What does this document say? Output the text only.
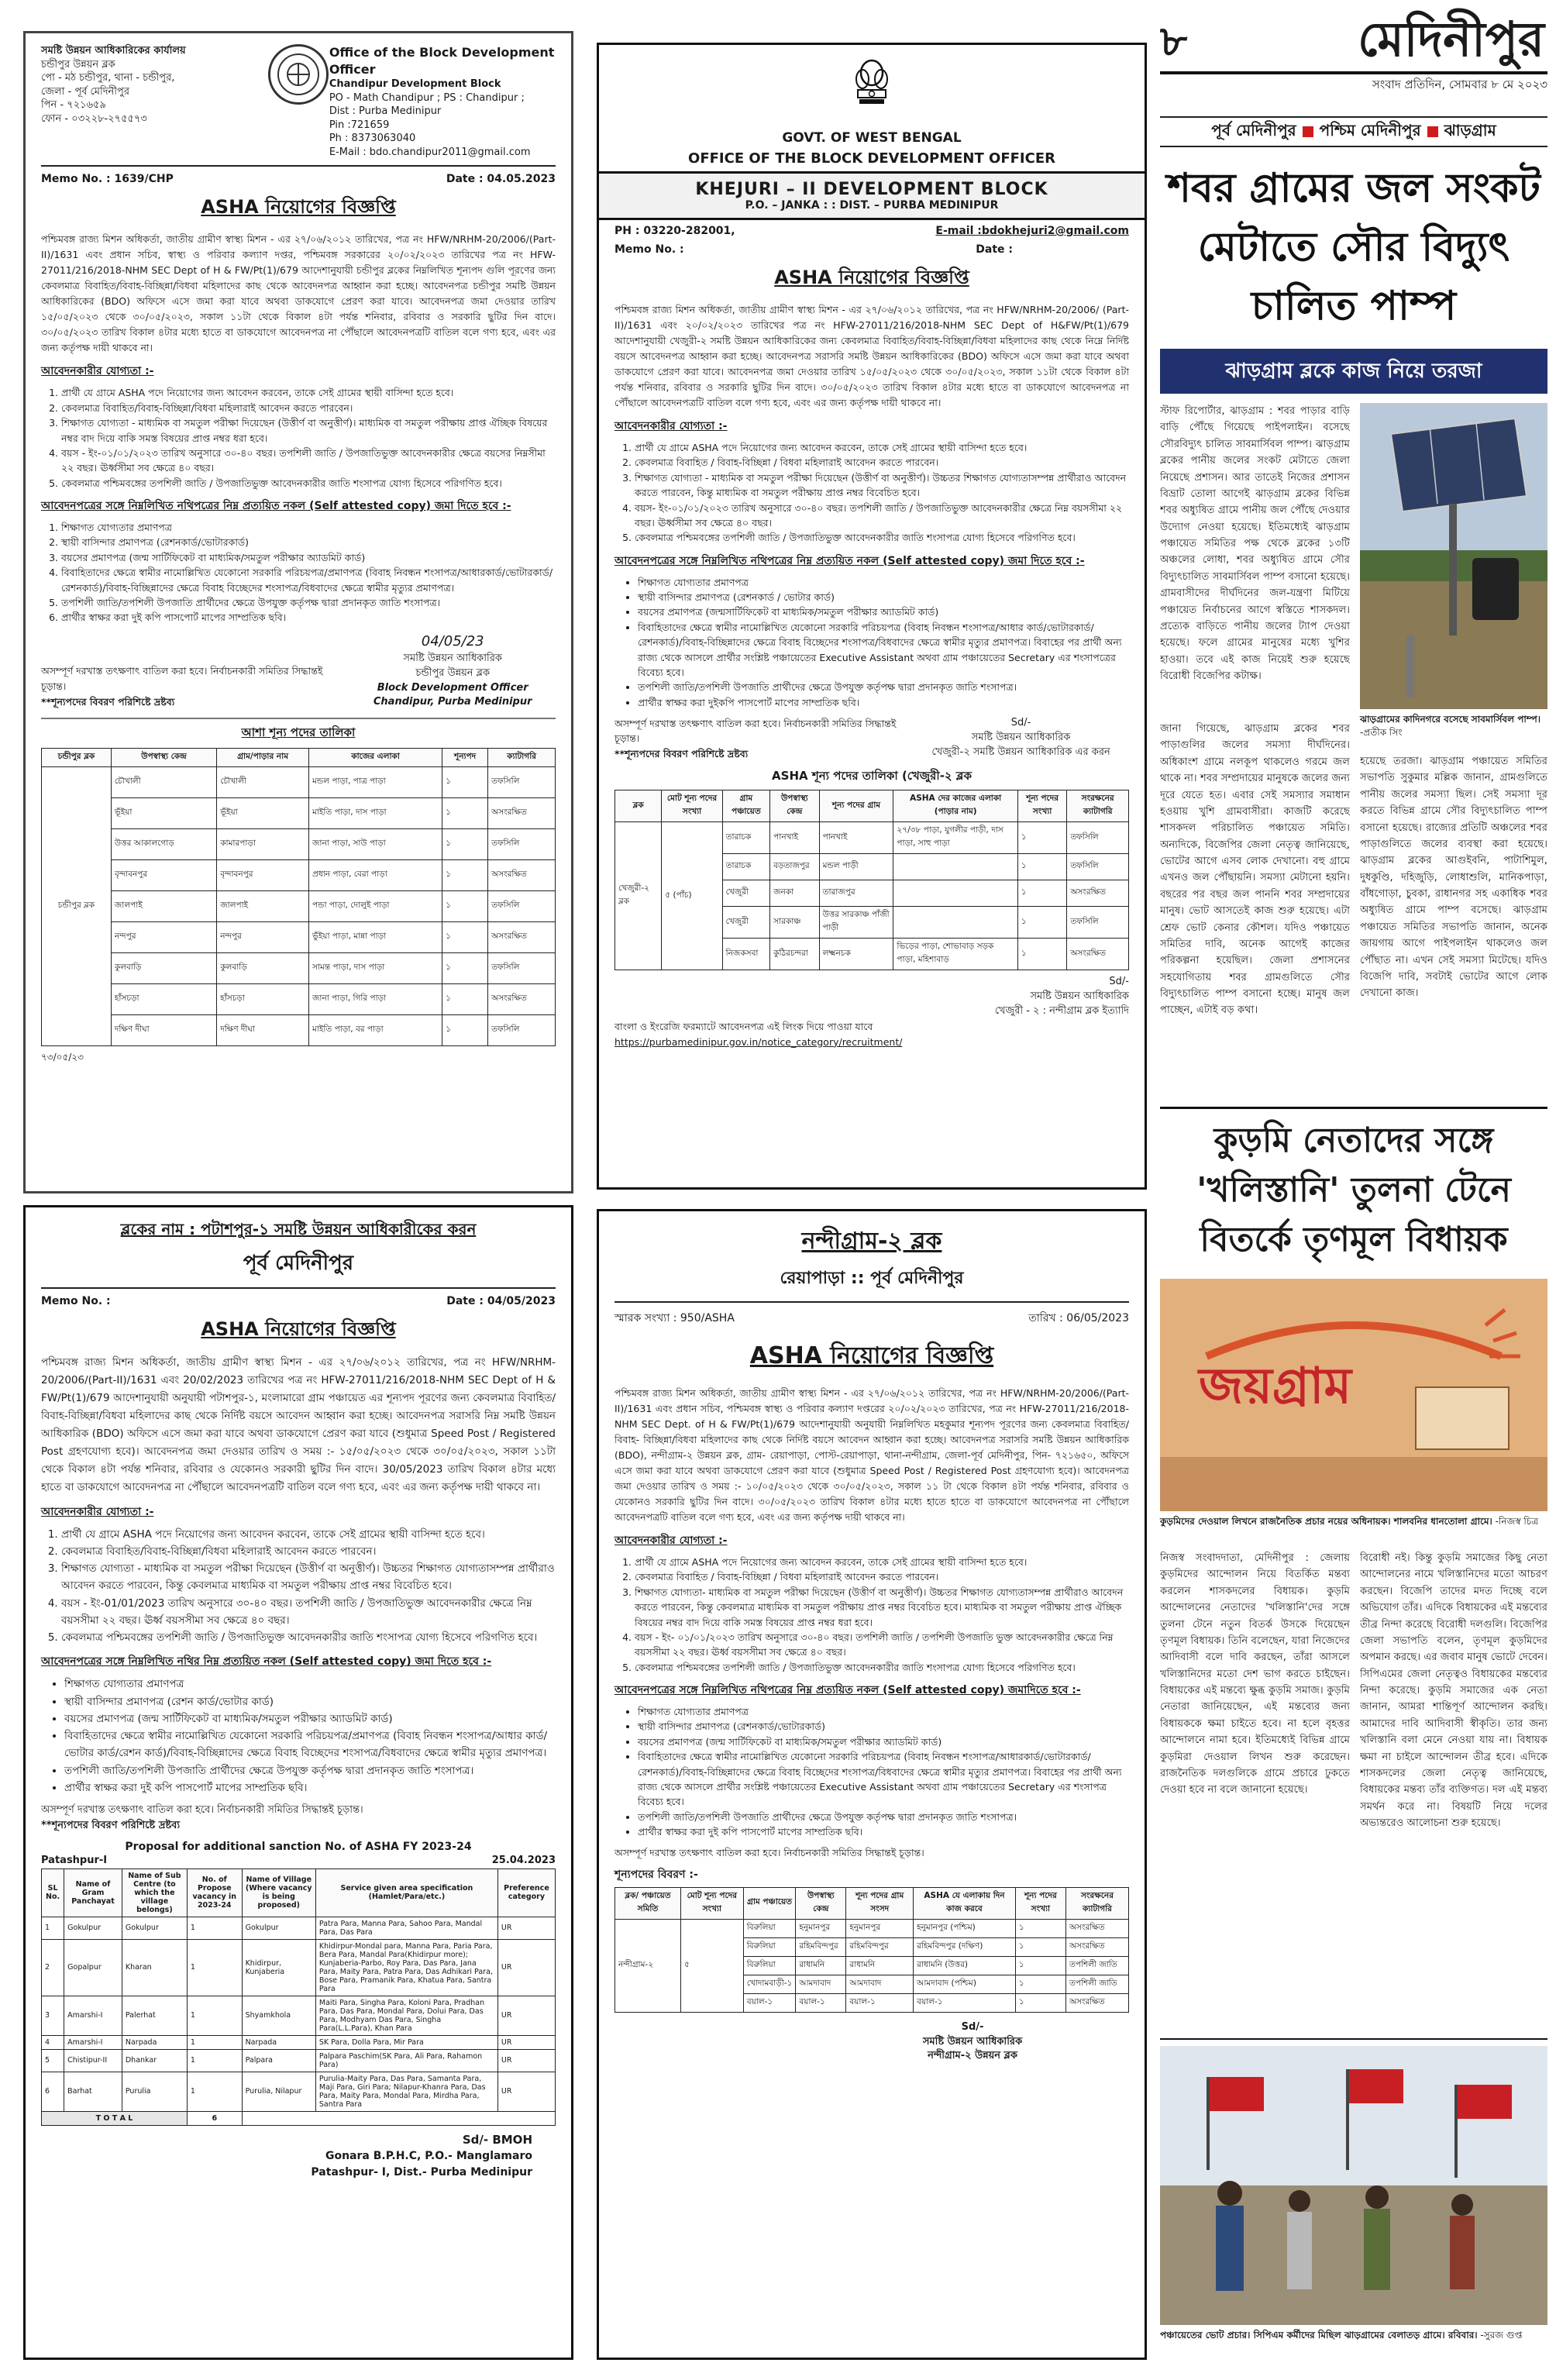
সমষ্টি উন্নয়ন আধিকারিকের কার্যালয়
চন্ডীপুর উন্নয়ন ব্লক
পো - মঠ চন্ডীপুর, থানা - চন্ডীপুর,
জেলা - পূর্ব মেদিনীপুর
পিন - ৭২১৬৫৯
ফোন - ০৩২২৮-২৭৫৫৭৩
Office of the Block Development Officer
Chandipur Development Block
PO - Math Chandipur ; PS : Chandipur ;
Dist : Purba Medinipur
Pin :721659
Ph : 8373063040
E-Mail : bdo.chandipur2011@gmail.com
Memo No. : 1639/CHP	Date : 04.05.2023
ASHA নিয়োগের বিজ্ঞপ্তি
পশ্চিমবঙ্গ রাজ্য মিশন অধিকর্তা, জাতীয় গ্রামীণ স্বাস্থ্য মিশন - এর ২৭/০৬/২০১২ তারিখের, পত্র নং HFW/NRHM-20/2006/(Part-II)/1631 এবং প্রধান সচিব, স্বাস্থ্য ও পরিবার কল্যাণ দপ্তর, পশ্চিমবঙ্গ সরকারের ২০/০২/২০২৩ তারিখের পত্র নং HFW-27011/216/2018-NHM SEC Dept of H & FW/Pt(1)/679 আদেশানুযায়ী চন্ডীপুর ব্লকের নিম্নলিখিত শূন্যপদ গুলি পূরণের জন্য কেবলমাত্র বিবাহিত/বিবাহ-বিচ্ছিন্না/বিধবা মহিলাদের কাছ থেকে আবেদনপত্র আহ্বান করা হচ্ছে। আবেদনপত্র চন্ডীপুর সমষ্টি উন্নয়ন আধিকারিকের (BDO) অফিসে এসে জমা করা যাবে অথবা ডাকযোগে প্রেরণ করা যাবে। আবেদনপত্র জমা দেওয়ার তারিখ ১৫/০৫/২০২৩ থেকে ৩০/০৫/২০২৩, সকাল ১১টা থেকে বিকাল ৪টা পর্যন্ত শনিবার, রবিবার ও সরকারি ছুটির দিন বাদে। ৩০/০৫/২০২৩ তারিখ বিকাল ৪টার মধ্যে হাতে বা ডাকযোগে আবেদনপত্র না পৌঁছালে আবেদনপত্রটি বাতিল বলে গণ্য হবে, এবং এর জন্য কর্তৃপক্ষ দায়ী থাকবে না।
আবেদনকারীর যোগ্যতা :-
1. প্রার্থী যে গ্রামে ASHA পদে নিয়োগের জন্য আবেদন করবেন, তাকে সেই গ্রামের স্থায়ী বাসিন্দা হতে হবে।
2. কেবলমাত্র বিবাহিত/বিবাহ-বিচ্ছিন্না/বিধবা মহিলারাই আবেদন করতে পারবেন।
3. শিক্ষাগত যোগ্যতা - মাধ্যমিক বা সমতুল পরীক্ষা দিয়েছেন (উত্তীর্ণ বা অনুত্তীর্ণ)। মাধ্যমিক বা সমতুল পরীক্ষায় প্রাপ্ত ঐচ্ছিক বিষয়ের নম্বর বাদ দিয়ে বাকি সমস্ত বিষয়ের প্রাপ্ত নম্বর ধরা হবে।
4. বয়স - ইং-০১/০১/২০২৩ তারিখ অনুসারে ৩০-৪০ বছর। তপশিলী জাতি / উপজাতিভুক্ত আবেদনকারীর ক্ষেত্রে বয়সের নিম্নসীমা ২২ বছর। ঊর্ধ্বসীমা সব ক্ষেত্রে ৪০ বছর।
5. কেবলমাত্র পশ্চিমবঙ্গের তপশিলী জাতি / উপজাতিভুক্ত আবেদনকারীর জাতি শংসাপত্র যোগ্য হিসেবে পরিগণিত হবে।
আবেদনপত্রের সঙ্গে নিম্নলিখিত নথিপত্রের নিম্ন প্রত্যয়িত নকল (Self attested copy) জমা দিতে হবে :-
1. শিক্ষাগত যোগ্যতার প্রমাণপত্র
2. স্থায়ী বাসিন্দার প্রমাণপত্র (রেশনকার্ড/ভোটারকার্ড)
3. বয়সের প্রমাণপত্র (জন্ম সার্টিফিকেট বা মাধ্যমিক/সমতুল পরীক্ষার অ্যাডমিট কার্ড)
4. বিবাহিতাদের ক্ষেত্রে স্বামীর নামোল্লিখিত যেকোনো সরকারি পরিচয়পত্র/প্রমাণপত্র (বিবাহ নিবন্ধন শংসাপত্র/আধারকার্ড/ভোটারকার্ড/রেশনকার্ড)/বিবাহ-বিচ্ছিন্নাদের ক্ষেত্রে বিবাহ বিচ্ছেদের শংসাপত্র/বিধবাদের ক্ষেত্রে স্বামীর মৃত্যুর প্রমাণপত্র।
5. তপশিলী জাতি/তপশিলী উপজাতি প্রার্থীদের ক্ষেত্রে উপযুক্ত কর্তৃপক্ষ দ্বারা প্রদানকৃত জাতি শংসাপত্র।
6. প্রার্থীর স্বাক্ষর করা দুই কপি পাসপোর্ট মাপের সাম্প্রতিক ছবি।
অসম্পূর্ণ দরখাস্ত তৎক্ষণাৎ বাতিল করা হবে। নির্বাচনকারী সমিতির সিদ্ধান্তই চূড়ান্ত।
**শূন্যপদের বিবরণ পরিশিষ্টে দ্রষ্টব্য
04/05/23
সমষ্টি উন্নয়ন আধিকারিক
চন্ডীপুর উন্নয়ন ব্লক
Block Development Officer
Chandipur, Purba Medinipur
আশা শূন্য পদের তালিকা
চন্ডীপুর ব্লক	উপস্বাস্থ্য কেন্দ্র	গ্রাম/পাড়ার নাম	কাজের এলাকা	শূন্যপদ	ক্যাটাগরি
চন্ডীপুর ব্লক	চৌখালী	চৌখালী	মন্ডল পাড়া, পাত্র পাড়া	১	তফসিলি
	ভূঁইয়া	ভূঁইয়া	মাইতি পাড়া, দাস পাড়া	১	অসংরক্ষিত
	উত্তর আকালগোড়	কামারপাড়া	জানা পাড়া, সাউ পাড়া	১	তফসিলি
	বৃন্দাবনপুর	বৃন্দাবনপুর	প্রধান পাড়া, বেরা পাড়া	১	অসংরক্ষিত
	জালপাই	জালপাই	পন্ডা পাড়া, দোলুই পাড়া	১	তফসিলি
	নন্দপুর	নন্দপুর	ভুঁইয়া পাড়া, মান্না পাড়া	১	অসংরক্ষিত
	কুলবাড়ি	কুলবাড়ি	সামন্ত পাড়া, দাস পাড়া	১	তফসিলি
	হাঁসচড়া	হাঁসচড়া	জানা পাড়া, গিরি পাড়া	১	অসংরক্ষিত
	দক্ষিণ দীঘা	দক্ষিণ দীঘা	মাইতি পাড়া, বর পাড়া	১	তফসিলি
৭৩/০৫/২৩
GOVT. OF WEST BENGAL
OFFICE OF THE BLOCK DEVELOPMENT OFFICER
KHEJURI – II DEVELOPMENT BLOCK
P.O. – JANKA : : DIST. – PURBA MEDINIPUR
PH : 03220-282001,	E-mail :bdokhejuri2@gmail.com
Memo No. :	Date :
ASHA নিয়োগের বিজ্ঞপ্তি
পশ্চিমবঙ্গ রাজ্য মিশন অধিকর্তা, জাতীয় গ্রামীণ স্বাস্থ্য মিশন - এর ২৭/০৬/২০১২ তারিখের, পত্র নং HFW/NRHM-20/2006/ (Part-II)/1631 এবং ২০/০২/২০২৩ তারিখের পত্র নং HFW-27011/216/2018-NHM SEC Dept of H&FW/Pt(1)/679 আদেশানুযায়ী খেজুরী-২ সমষ্টি উন্নয়ন আধিকারিকের জন্য কেবলমাত্র বিবাহিত/বিবাহ-বিচ্ছিন্না/বিধবা মহিলাদের কাছ থেকে নিম্নে নির্দিষ্ট বয়সে আবেদনপত্র আহ্বান করা হচ্ছে। আবেদনপত্র সরাসরি সমষ্টি উন্নয়ন আধিকারিকের (BDO) অফিসে এসে জমা করা যাবে অথবা ডাকযোগে প্রেরণ করা যাবে। আবেদনপত্র জমা দেওয়ার তারিখ ১৫/০৫/২০২৩ থেকে ৩০/০৫/২০২৩, সকাল ১১টা থেকে বিকাল ৪টা পর্যন্ত শনিবার, রবিবার ও সরকারি ছুটির দিন বাদে। ৩০/০৫/২০২৩ তারিখ বিকাল ৪টার মধ্যে হাতে বা ডাকযোগে আবেদনপত্র না পৌঁছালে আবেদনপত্রটি বাতিল বলে গণ্য হবে, এবং এর জন্য কর্তৃপক্ষ দায়ী থাকবে না।
আবেদনকারীর যোগ্যতা :-
1. প্রার্থী যে গ্রামে ASHA পদে নিয়োগের জন্য আবেদন করবেন, তাকে সেই গ্রামের স্থায়ী বাসিন্দা হতে হবে।
2. কেবলমাত্র বিবাহিত / বিবাহ-বিচ্ছিন্না / বিধবা মহিলারাই আবেদন করতে পারবেন।
3. শিক্ষাগত যোগ্যতা - মাধ্যমিক বা সমতুল পরীক্ষা দিয়েছেন (উত্তীর্ণ বা অনুত্তীর্ণ)। উচ্চতর শিক্ষাগত যোগ্যতাসম্পন্ন প্রার্থীরাও আবেদন করতে পারবেন, কিন্তু মাধ্যমিক বা সমতুল পরীক্ষায় প্রাপ্ত নম্বর বিবেচিত হবে।
4. বয়স- ইং-০১/০১/২০২৩ তারিখ অনুসারে ৩০-৪০ বছর। তপশিলী জাতি / উপজাতিভুক্ত আবেদনকারীর ক্ষেত্রে নিম্ন বয়সসীমা ২২ বছর। ঊর্ধ্বসীমা সব ক্ষেত্রে ৪০ বছর।
5. কেবলমাত্র পশ্চিমবঙ্গের তপশিলী জাতি / উপজাতিভুক্ত আবেদনকারীর জাতি শংসাপত্র যোগ্য হিসেবে পরিগণিত হবে।
আবেদনপত্রের সঙ্গে নিম্নলিখিত নথিপত্রের নিম্ন প্রত্যয়িত নকল (Self attested copy) জমা দিতে হবে :-
• শিক্ষাগত যোগ্যতার প্রমাণপত্র
• স্থায়ী বাসিন্দার প্রমাণপত্র (রেশনকার্ড / ভোটার কার্ড)
• বয়সের প্রমাণপত্র (জন্মসার্টিফিকেট বা মাধ্যমিক/সমতুল পরীক্ষার অ্যাডমিট কার্ড)
• বিবাহিতাদের ক্ষেত্রে স্বামীর নামোল্লিখিত যেকোনো সরকারি পরিচয়পত্র (বিবাহ নিবন্ধন শংসাপত্র/আধার কার্ড/ভোটারকার্ড/রেশনকার্ড)/বিবাহ-বিচ্ছিন্নাদের ক্ষেত্রে বিবাহ বিচ্ছেদের শংসাপত্র/বিধবাদের ক্ষেত্রে স্বামীর মৃত্যুর প্রমাণপত্র। বিবাহের পর প্রার্থী অন্য রাজ্য থেকে আসলে প্রার্থীর সংশ্লিষ্ট পঞ্চায়েতের Executive Assistant অথবা গ্রাম পঞ্চায়েতের Secretary এর শংসাপত্রের বিবেচ্য হবে।
• তপশিলী জাতি/তপশিলী উপজাতি প্রার্থীদের ক্ষেত্রে উপযুক্ত কর্তৃপক্ষ দ্বারা প্রদানকৃত জাতি শংসাপত্র।
• প্রার্থীর স্বাক্ষর করা দুইকপি পাসপোর্ট মাপের সাম্প্রতিক ছবি।
অসম্পূর্ণ দরখাস্ত তৎক্ষণাৎ বাতিল করা হবে। নির্বাচনকারী সমিতির সিদ্ধান্তই চূড়ান্ত।
**শূন্যপদের বিবরণ পরিশিষ্টে দ্রষ্টব্য
Sd/-
সমষ্টি উন্নয়ন আধিকারিক
খেজুরী-২ সমষ্টি উন্নয়ন আধিকারিক এর করন
ASHA শূন্য পদের তালিকা (খেজুরী-২ ব্লক
ব্লক	মোট শূন্য পদের সংখ্যা	গ্রাম পঞ্চায়েত	উপস্বাস্থ্য কেন্দ্র	শূন্য পদের গ্রাম	ASHA দের কাজের এলাকা (পাড়ার নাম)	শূন্য পদের সংখ্যা	সংরক্ষনের ক্যাটাগরি
খেজুরী-২ ব্লক	৫ (পাঁচ)	তারাচক	পানখাই	পানখাই	২৭/৩৮ পাড়া, যুগলীর পাড়ী, দাস পাড়া, সাহু পাড়া	১	তফসিলি
		তারাচক	বড়তাজপুর	মন্ডল পাড়ী		১	তফসিলি
		খেজুরী	জনকা	তারাজপুর		১	অসংরক্ষিত
		খেজুরী	সারকাঞ্চ	উত্তর সারকাঞ্চ পাঁজী পাড়ী		১	তফসিলি
		নিজকসবা	কুঠিরচন্দরা	লক্ষ্মনচক	ভিড়ের পাড়া, শোভাবাড় সড়ক পাড়া, মহিশাবাড়	১	অসংরক্ষিত
Sd/-
সমষ্টি উন্নয়ন আধিকারিক
খেজুরী - ২ : নন্দীগ্রাম ব্লক ইত্যাদি
বাংলা ও ইংরেজি ফরম্যাটে আবেদনপত্র এই লিংক দিয়ে পাওয়া যাবে
https://purbamedinipur.gov.in/notice_category/recruitment/
ব্লকের নাম : পটাশপুর-১ সমষ্টি উন্নয়ন আধিকারীকের করন
পূর্ব মেদিনীপুর
Memo No. :	Date : 04/05/2023
ASHA নিয়োগের বিজ্ঞপ্তি
পশ্চিমবঙ্গ রাজ্য মিশন অধিকর্তা, জাতীয় গ্রামীণ স্বাস্থ্য মিশন - এর ২৭/০৬/২০১২ তারিখের, পত্র নং HFW/NRHM-20/2006/(Part-II)/1631 এবং 20/02/2023 তারিখের পত্র নং HFW-27011/216/2018-NHM SEC Dept of H & FW/Pt(1)/679 আদেশানুযায়ী অনুযায়ী পটাশপুর-১, মংলামারো গ্রাম পঞ্চায়েত এর শূন্যপদ পূরণের জন্য কেবলমাত্র বিবাহিত/বিবাহ-বিচ্ছিন্না/বিধবা মহিলাদের কাছ থেকে নির্দিষ্ট বয়সে আবেদন আহ্বান করা হচ্ছে। আবেদনপত্র সরাসরি নিম্ন সমষ্টি উন্নয়ন আধিকারিক (BDO) অফিসে এসে জমা করা যাবে অথবা ডাকযোগে প্রেরণ করা যাবে (শুধুমাত্র Speed Post / Registered Post গ্রহণযোগ্য হবে)। আবেদনপত্র জমা দেওয়ার তারিখ ও সময় :- ১৫/০৫/২০২৩ থেকে ৩০/০৫/২০২৩, সকাল ১১টা থেকে বিকাল ৪টা পর্যন্ত শনিবার, রবিবার ও যেকোনও সরকারী ছুটির দিন বাদে। 30/05/2023 তারিখ বিকাল ৪টার মধ্যে হাতে বা ডাকযোগে আবেদনপত্র না পৌঁছালে আবেদনপত্রটি বাতিল বলে গণ্য হবে, এবং এর জন্য কর্তৃপক্ষ দায়ী থাকবে না।
আবেদনকারীর যোগ্যতা :-
1. প্রার্থী যে গ্রামে ASHA পদে নিয়োগের জন্য আবেদন করবেন, তাকে সেই গ্রামের স্থায়ী বাসিন্দা হতে হবে।
2. কেবলমাত্র বিবাহিত/বিবাহ-বিচ্ছিন্না/বিধবা মহিলারাই আবেদন করতে পারবেন।
3. শিক্ষাগত যোগ্যতা - মাধ্যমিক বা সমতুল পরীক্ষা দিয়েছেন (উত্তীর্ণ বা অনুত্তীর্ণ)। উচ্চতর শিক্ষাগত যোগ্যতাসম্পন্ন প্রার্থীরাও আবেদন করতে পারবেন, কিন্তু কেবলমাত্র মাধ্যমিক বা সমতুল পরীক্ষায় প্রাপ্ত নম্বর বিবেচিত হবে।
4. বয়স - ইং-01/01/2023 তারিখ অনুসারে ৩০-৪০ বছর। তপশিলী জাতি / উপজাতিভুক্ত আবেদনকারীর ক্ষেত্রে নিম্ন বয়সসীমা ২২ বছর। ঊর্ধ্ব বয়সসীমা সব ক্ষেত্রে ৪০ বছর।
5. কেবলমাত্র পশ্চিমবঙ্গের তপশিলী জাতি / উপজাতিভুক্ত আবেদনকারীর জাতি শংসাপত্র যোগ্য হিসেবে পরিগণিত হবে।
আবেদনপত্রের সঙ্গে নিম্নলিখিত নথির নিম্ন প্রত্যয়িত নকল (Self attested copy) জমা দিতে হবে :-
• শিক্ষাগত যোগ্যতার প্রমাণপত্র
• স্থায়ী বাসিন্দার প্রমাণপত্র (রেশন কার্ড/ভোটার কার্ড)
• বয়সের প্রমাণপত্র (জন্ম সার্টিফিকেট বা মাধ্যমিক/সমতুল পরীক্ষার অ্যাডমিট কার্ড)
• বিবাহিতাদের ক্ষেত্রে স্বামীর নামোল্লিখিত যেকোনো সরকারি পরিচয়পত্র/প্রমাণপত্র (বিবাহ নিবন্ধন শংসাপত্র/আধার কার্ড/ভোটার কার্ড/রেশন কার্ড)/বিবাহ-বিচ্ছিন্নাদের ক্ষেত্রে বিবাহ বিচ্ছেদের শংসাপত্র/বিধবাদের ক্ষেত্রে স্বামীর মৃত্যুর প্রমাণপত্র।
• তপশিলী জাতি/তপশিলী উপজাতি প্রার্থীদের ক্ষেত্রে উপযুক্ত কর্তৃপক্ষ দ্বারা প্রদানকৃত জাতি শংসাপত্র।
• প্রার্থীর স্বাক্ষর করা দুই কপি পাসপোর্ট মাপের সাম্প্রতিক ছবি।
অসম্পূর্ণ দরখাস্ত তৎক্ষণাৎ বাতিল করা হবে। নির্বাচনকারী সমিতির সিদ্ধান্তই চূড়ান্ত।
**শূন্যপদের বিবরণ পরিশিষ্টে দ্রষ্টব্য
Proposal for additional sanction No. of ASHA FY 2023-24
Patashpur-I	25.04.2023
SL No.	Name of Gram Panchayat	Name of Sub Centre (to which the village belongs)	No. of Propose vacancy in 2023-24	Name of Village (Where vacancy is being proposed)	Service given area specification (Hamlet/Para/etc.)	Preference category
1	Gokulpur	Gokulpur	1	Gokulpur	Patra Para, Manna Para, Sahoo Para, Mandal Para, Das Para	UR
2	Gopalpur	Kharan	1	Khidirpur, Kunjaberia	Khidirpur-Mondal para, Manna Para, Paria Para, Bera Para, Mandal Para(Khidirpur more); Kunjaberia-Parbo, Roy Para, Das Para, Jana Para, Maity Para, Patra Para, Das Adhikari Para, Bose Para, Pramanik Para, Khatua Para, Santra Para	UR
3	Amarshi-I	Palerhat	1	Shyamkhola	Maiti Para, Singha Para, Koloni Para, Pradhan Para, Das Para, Mondal Para, Dolui Para, Das Para, Modhyam Das Para, Singha Para(L.L.Para), Khan Para	UR
4	Amarshi-I	Narpada	1	Narpada	SK Para, Dolla Para, Mir Para	UR
5	Chistipur-II	Dhankar	1	Palpara	Palpara Paschim(SK Para, Ali Para, Rahamon Para)	UR
6	Barhat	Purulia	1	Purulia, Nilapur	Purulia-Maity Para, Das Para, Samanta Para, Maji Para, Giri Para; Nilapur-Khanra Para, Das Para, Maity Para, Mondal Para, Mirdha Para, Santra Para	UR
T O T A L			6			
Sd/- BMOH
Gonara B.P.H.C, P.O.- Manglamaro
Patashpur- I, Dist.- Purba Medinipur
নন্দীগ্রাম-২ ব্লক
রেয়াপাড়া :: পূর্ব মেদিনীপুর
স্মারক সংখ্যা : 950/ASHA	তারিখ : 06/05/2023
ASHA নিয়োগের বিজ্ঞপ্তি
পশ্চিমবঙ্গ রাজ্য মিশন অধিকর্তা, জাতীয় গ্রামীণ স্বাস্থ্য মিশন - এর ২৭/০৬/২০১২ তারিখের, পত্র নং HFW/NRHM-20/2006/(Part-II)/1631 এবং প্রধান সচিব, পশ্চিমবঙ্গ স্বাস্থ্য ও পরিবার কল্যাণ দপ্তরের ২০/০২/২০২৩ তারিখের, পত্র নং HFW-27011/216/2018-NHM SEC Dept. of H & FW/Pt(1)/679 আদেশানুযায়ী অনুযায়ী নিম্নলিখিত মহকুমার শূন্যপদ পূরণের জন্য কেবলমাত্র বিবাহিত/বিবাহ- বিচ্ছিন্না/বিধবা মহিলাদের কাছ থেকে নির্দিষ্ট বয়সে আবেদন আহ্বান করা হচ্ছে। আবেদনপত্র সরাসরি সমষ্টি উন্নয়ন আধিকারিক (BDO), নন্দীগ্রাম-২ উন্নয়ন ব্লক, গ্রাম- রেয়াপাড়া, পোস্ট-রেয়াপাড়া, থানা-নন্দীগ্রাম, জেলা-পূর্ব মেদিনীপুর, পিন- ৭২১৬৫০, অফিসে এসে জমা করা যাবে অথবা ডাকযোগে প্রেরণ করা যাবে (শুধুমাত্র Speed Post / Registered Post গ্রহণযোগ্য হবে)। আবেদনপত্র জমা দেওয়ার তারিখ ও সময় :- ১০/০৫/২০২৩ থেকে ৩০/০৫/২০২৩, সকাল ১১ টা থেকে বিকাল ৪টা পর্যন্ত শনিবার, রবিবার ও যেকোনও সরকারি ছুটির দিন বাদে। ৩০/০৫/২০২৩ তারিখ বিকাল ৪টার মধ্যে হাতে হাতে বা ডাকযোগে আবেদনপত্র না পৌঁছালে আবেদনপত্রটি বাতিল বলে গণ্য হবে, এবং এর জন্য কর্তৃপক্ষ দায়ী থাকবে না।
আবেদনকারীর যোগ্যতা :-
1. প্রার্থী যে গ্রামে ASHA পদে নিয়োগের জন্য আবেদন করবেন, তাকে সেই গ্রামের স্থায়ী বাসিন্দা হতে হবে।
2. কেবলমাত্র বিবাহিত / বিবাহ-বিচ্ছিন্না / বিধবা মহিলারাই আবেদন করতে পারবেন।
3. শিক্ষাগত যোগ্যতা- মাধ্যমিক বা সমতুল পরীক্ষা দিয়েছেন (উত্তীর্ণ বা অনুত্তীর্ণ)। উচ্চতর শিক্ষাগত যোগ্যতাসম্পন্ন প্রার্থীরাও আবেদন করতে পারবেন, কিন্তু কেবলমাত্র মাধ্যমিক বা সমতুল পরীক্ষায় প্রাপ্ত নম্বর বিবেচিত হবে। মাধ্যমিক বা সমতুল পরীক্ষায় প্রাপ্ত ঐচ্ছিক বিষয়ের নম্বর বাদ দিয়ে বাকি সমস্ত বিষয়ের প্রাপ্ত নম্বর ধরা হবে।
4. বয়স - ইং- ০১/০১/২০২৩ তারিখ অনুসারে ৩০-৪০ বছর। তপশিলী জাতি / তপশিলী উপজাতি ভুক্ত আবেদনকারীর ক্ষেত্রে নিম্ন বয়সসীমা ২২ বছর। ঊর্ধ্ব বয়সসীমা সব ক্ষেত্রে ৪০ বছর।
5. কেবলমাত্র পশ্চিমবঙ্গের তপশিলী জাতি / উপজাতিভুক্ত আবেদনকারীর জাতি শংসাপত্র যোগ্য হিসেবে পরিগণিত হবে।
আবেদনপত্রের সঙ্গে নিম্নলিখিত নথিপত্রের নিম্ন প্রত্যয়িত নকল (Self attested copy) জমাদিতে হবে :-
• শিক্ষাগত যোগ্যতার প্রমাণপত্র
• স্থায়ী বাসিন্দার প্রমাণপত্র (রেশনকার্ড/ভোটারকার্ড)
• বয়সের প্রমাণপত্র (জন্ম সার্টিফিকেট বা মাধ্যমিক/সমতুল পরীক্ষার অ্যাডমিট কার্ড)
• বিবাহিতাদের ক্ষেত্রে স্বামীর নামোল্লিখিত যেকোনো সরকারি পরিচয়পত্র (বিবাহ নিবন্ধন শংসাপত্র/আধারকার্ড/ভোটারকার্ড/রেশনকার্ড)/বিবাহ-বিচ্ছিন্নাদের ক্ষেত্রে বিবাহ বিচ্ছেদের শংসাপত্র/বিধবাদের ক্ষেত্রে স্বামীর মৃত্যুর প্রমাণপত্র। বিবাহের পর প্রার্থী অন্য রাজ্য থেকে আসলে প্রার্থীর সংশ্লিষ্ট পঞ্চায়েতের Executive Assistant অথবা গ্রাম পঞ্চায়েতের Secretary এর শংসাপত্র বিবেচ্য হবে।
• তপশিলী জাতি/তপশিলী উপজাতি প্রার্থীদের ক্ষেত্রে উপযুক্ত কর্তৃপক্ষ দ্বারা প্রদানকৃত জাতি শংসাপত্র।
• প্রার্থীর স্বাক্ষর করা দুই কপি পাসপোর্ট মাপের সাম্প্রতিক ছবি।
অসম্পূর্ণ দরখাস্ত তৎক্ষণাৎ বাতিল করা হবে। নির্বাচনকারী সমিতির সিদ্ধান্তই চূড়ান্ত।
শূন্যপদের বিবরণ :-
ব্লক/ পঞ্চায়েত সমিতি	মোট শূন্য পদের সংখ্যা	গ্রাম পঞ্চায়েত	উপস্বাস্থ্য কেন্দ্র	শূন্য পদের গ্রাম সংসদ	ASHA যে এলাকায় দিন কাজ করবে	শূন্য পদের সংখ্যা	সংরক্ষনের ক্যাটাগরি
নন্দীগ্রাম-২	৫	বিরুলিয়া	হনুমানপুর	হনুমানপুর	হনুমানপুর (পশ্চিম)	১	অসংরক্ষিত
		বিরুলিয়া	রহিমবিন্দপুর	রহিমবিন্দপুর	রহিমবিন্দপুর (দক্ষিণ)	১	অসংরক্ষিত
		বিরুলিয়া	রাধামনি	রাধামনি	রাধামনি (উত্তর)	১	তপশিলী জাতি
		খোদামবাড়ী-১	আমদাবাদ	আমদাবাদ	আমদাবাদ (পশ্চিম)	১	তপশিলী জাতি
		বয়াল-১	বয়াল-১	বয়াল-১	বয়াল-১	১	অসংরক্ষিত
Sd/-
সমষ্টি উন্নয়ন আধিকারিক
নন্দীগ্রাম-২ উন্নয়ন ব্লক
৮	মেদিনীপুর
সংবাদ প্রতিদিন, সোমবার ৮ মে ২০২৩
পূর্ব মেদিনীপুর পশ্চিম মেদিনীপুর ঝাড়গ্রাম
শবর গ্রামের জল সংকট মেটাতে সৌর বিদ্যুৎ চালিত পাম্প
ঝাড়গ্রাম ব্লকে কাজ নিয়ে তরজা
স্টাফ রিপোর্টার, ঝাড়গ্রাম : শবর পাড়ার বাড়ি বাড়ি পৌঁছে গিয়েছে পাইপলাইন। বসেছে সৌরবিদ্যুৎ চালিত সাবমার্সিবল পাম্প। ঝাড়গ্রাম ব্লকের পানীয় জলের সংকট মেটাতে জেলা নিয়েছে প্রশাসন। আর তাতেই নিজের প্রশাসন বিভ্রাট তোলা আগেই ঝাড়গ্রাম ব্লকের বিভিন্ন শবর অধ্যুষিত গ্রামে পানীয় জল পৌঁছে দেওয়ার উদ্যোগ নেওয়া হয়েছে। ইতিমধ্যেই ঝাড়গ্রাম পঞ্চায়েত সমিতির পক্ষ থেকে ব্লকের ১৩টি অঞ্চলের লোধা, শবর অধ্যুষিত গ্রামে সৌর বিদ্যুৎচালিত সাবমার্সিবল পাম্প বসানো হয়েছে। গ্রামবাসীদের দীর্ঘদিনের জল-যন্ত্রণা মিটিয়ে পঞ্চায়েত নির্বাচনের আগে স্বস্তিতে শাসকদল। প্রত্যেক বাড়িতে পানীয় জলের ট্যাপ দেওয়া হয়েছে। ফলে গ্রামের মানুষের মধ্যে খুশির হাওয়া। তবে এই কাজ নিয়েই শুরু হয়েছে বিরোধী বিজেপির কটাক্ষ।
ঝাড়গ্রামের কাদিনগরে বসেছে সাবমার্সিবল পাম্প। -প্রতীক সিং
হয়েছে তরজা। ঝাড়গ্রাম পঞ্চায়েত সমিতির সভাপতি সুকুমার মল্লিক জানান, গ্রামগুলিতে পানীয় জলের সমস্যা ছিল। সেই সমস্যা দূর করতে বিভিন্ন গ্রামে সৌর বিদ্যুৎচালিত পাম্প বসানো হয়েছে। রাজ্যের প্রতিটি অঞ্চলের শবর পাড়াগুলিতে জলের ব্যবস্থা করা হয়েছে। ঝাড়গ্রাম ব্লকের আগুইবনি, পাটাশিমুল, দুধকুণ্ডি, দহিজুড়ি, লোধাশুলি, মানিকপাড়া, বাঁধগোড়া, চুবকা, রাধানগর সহ একাধিক শবর অধ্যুষিত গ্রামে পাম্প বসেছে। ঝাড়গ্রাম পঞ্চায়েত সমিতির সভাপতি জানান, অনেক জায়গায় আগে পাইপলাইন থাকলেও জল পৌঁছাত না। এখন সেই সমস্যা মিটেছে। যদিও বিজেপি দাবি, সবটাই ভোটের আগে লোক দেখানো কাজ।
জানা গিয়েছে, ঝাড়গ্রাম ব্লকের শবর পাড়াগুলির জলের সমস্যা দীর্ঘদিনের। অধিকাংশ গ্রামে নলকূপ থাকলেও গরমে জল থাকে না। শবর সম্প্রদায়ের মানুষকে জলের জন্য দূরে যেতে হত। এবার সেই সমস্যার সমাধান হওয়ায় খুশি গ্রামবাসীরা। কাজটি করেছে শাসকদল পরিচালিত পঞ্চায়েত সমিতি। অন্যদিকে, বিজেপির জেলা নেতৃত্ব জানিয়েছে, ভোটের আগে এসব লোক দেখানো। বহু গ্রামে এখনও জল পৌঁছায়নি। সমস্যা মেটানো হয়নি। বছরের পর বছর জল পাননি শবর সম্প্রদায়ের মানুষ। ভোট আসতেই কাজ শুরু হয়েছে। এটা শ্রেফ ভোট কেনার কৌশল। যদিও পঞ্চায়েত সমিতির দাবি, অনেক আগেই কাজের পরিকল্পনা হয়েছিল। জেলা প্রশাসনের সহযোগিতায় শবর গ্রামগুলিতে সৌর বিদ্যুৎচালিত পাম্প বসানো হচ্ছে। মানুষ জল পাচ্ছেন, এটাই বড় কথা।
কুড়মি নেতাদের সঙ্গে 'খলিস্তানি' তুলনা টেনে বিতর্কে তৃণমূল বিধায়ক
জয়গ্রাম
কুড়মিদের দেওয়াল লিখনে রাজনৈতিক প্রচার নয়ের অধিনায়ক। শালবনির ধানতোলা গ্রামে। -নিজস্ব চিত্র
নিজস্ব সংবাদদাতা, মেদিনীপুর : জেলায় কুড়মিদের আন্দোলন নিয়ে বিতর্কিত মন্তব্য করলেন শাসকদলের বিধায়ক। কুড়মি আন্দোলনের নেতাদের 'খলিস্তানি'দের সঙ্গে তুলনা টেনে নতুন বিতর্ক উসকে দিয়েছেন তৃণমূল বিধায়ক। তিনি বলেছেন, যারা নিজেদের আদিবাসী বলে দাবি করছেন, তাঁরা আসলে খলিস্তানিদের মতো দেশ ভাগ করতে চাইছেন। বিধায়কের এই মন্তব্যে ক্ষুব্ধ কুড়মি সমাজ। কুড়মি নেতারা জানিয়েছেন, এই মন্তব্যের জন্য বিধায়ককে ক্ষমা চাইতে হবে। না হলে বৃহত্তর আন্দোলনে নামা হবে। ইতিমধ্যেই বিভিন্ন গ্রামে কুড়মিরা দেওয়াল লিখন শুরু করেছেন। রাজনৈতিক দলগুলিকে গ্রামে প্রচারে ঢুকতে দেওয়া হবে না বলে জানানো হয়েছে।
বিরোধী নই। কিন্তু কুড়মি সমাজের কিছু নেতা আন্দোলনের নামে খলিস্তানিদের মতো আচরণ করছেন। বিজেপি তাদের মদত দিচ্ছে বলে অভিযোগ তাঁর। এদিকে বিধায়কের এই মন্তব্যের তীব্র নিন্দা করেছে বিরোধী দলগুলি। বিজেপির জেলা সভাপতি বলেন, তৃণমূল কুড়মিদের অপমান করছে। এর জবাব মানুষ ভোটে দেবেন। সিপিএমের জেলা নেতৃত্বও বিধায়কের মন্তব্যের নিন্দা করেছে। কুড়মি সমাজের এক নেতা জানান, আমরা শান্তিপূর্ণ আন্দোলন করছি। আমাদের দাবি আদিবাসী স্বীকৃতি। তার জন্য খলিস্তানি বলা মেনে নেওয়া যায় না। বিধায়ক ক্ষমা না চাইলে আন্দোলন তীব্র হবে। এদিকে শাসকদলের জেলা নেতৃত্ব জানিয়েছে, বিধায়কের মন্তব্য তাঁর ব্যক্তিগত। দল এই মন্তব্য সমর্থন করে না। বিষয়টি নিয়ে দলের অভ্যন্তরেও আলোচনা শুরু হয়েছে।
পঞ্চায়েতের ভোট প্রচার। সিপিএম কর্মীদের মিছিল ঝাড়গ্রামের বেলাতড় গ্রামে। রবিবার। -সুরজ গুপ্ত
